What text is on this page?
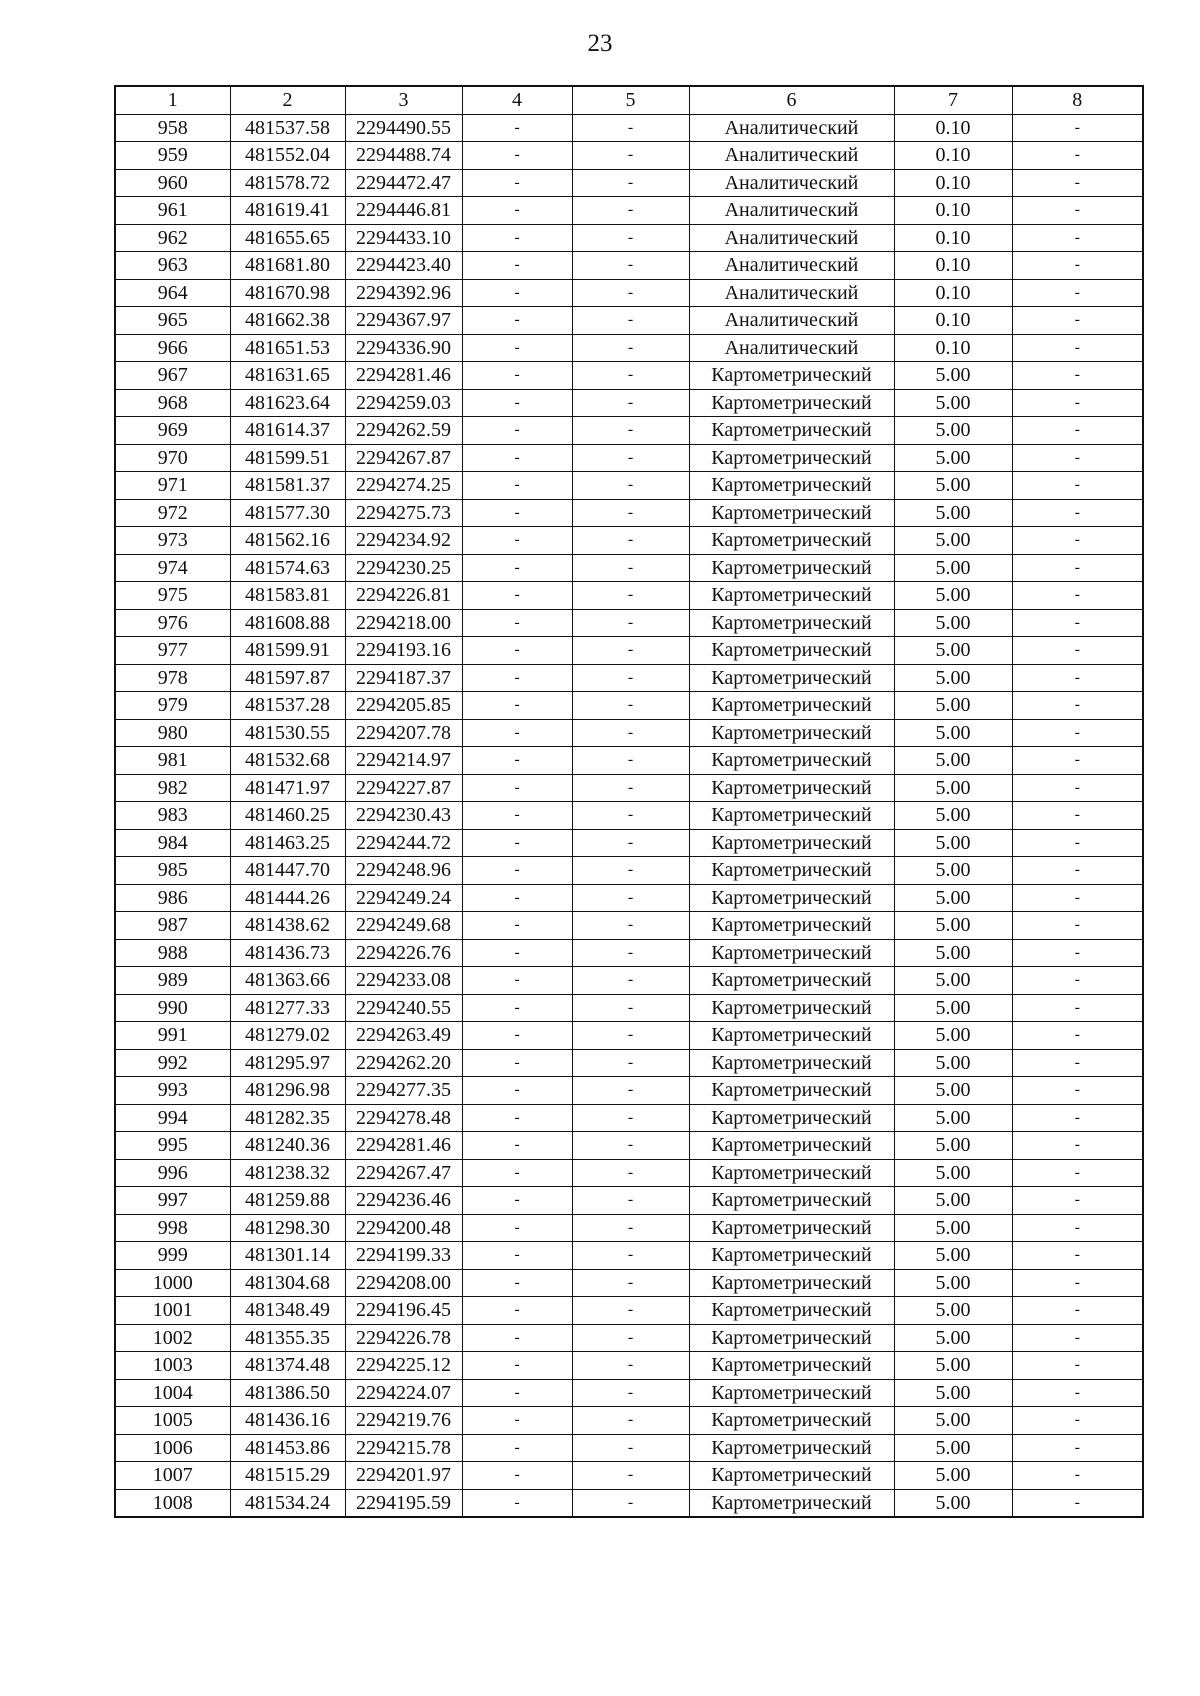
23
1	2	3	4	5	6	7	8
958	481537.58	2294490.55	-	-	Аналитический	0.10	-
959	481552.04	2294488.74	-	-	Аналитический	0.10	-
960	481578.72	2294472.47	-	-	Аналитический	0.10	-
961	481619.41	2294446.81	-	-	Аналитический	0.10	-
962	481655.65	2294433.10	-	-	Аналитический	0.10	-
963	481681.80	2294423.40	-	-	Аналитический	0.10	-
964	481670.98	2294392.96	-	-	Аналитический	0.10	-
965	481662.38	2294367.97	-	-	Аналитический	0.10	-
966	481651.53	2294336.90	-	-	Аналитический	0.10	-
967	481631.65	2294281.46	-	-	Картометрический	5.00	-
968	481623.64	2294259.03	-	-	Картометрический	5.00	-
969	481614.37	2294262.59	-	-	Картометрический	5.00	-
970	481599.51	2294267.87	-	-	Картометрический	5.00	-
971	481581.37	2294274.25	-	-	Картометрический	5.00	-
972	481577.30	2294275.73	-	-	Картометрический	5.00	-
973	481562.16	2294234.92	-	-	Картометрический	5.00	-
974	481574.63	2294230.25	-	-	Картометрический	5.00	-
975	481583.81	2294226.81	-	-	Картометрический	5.00	-
976	481608.88	2294218.00	-	-	Картометрический	5.00	-
977	481599.91	2294193.16	-	-	Картометрический	5.00	-
978	481597.87	2294187.37	-	-	Картометрический	5.00	-
979	481537.28	2294205.85	-	-	Картометрический	5.00	-
980	481530.55	2294207.78	-	-	Картометрический	5.00	-
981	481532.68	2294214.97	-	-	Картометрический	5.00	-
982	481471.97	2294227.87	-	-	Картометрический	5.00	-
983	481460.25	2294230.43	-	-	Картометрический	5.00	-
984	481463.25	2294244.72	-	-	Картометрический	5.00	-
985	481447.70	2294248.96	-	-	Картометрический	5.00	-
986	481444.26	2294249.24	-	-	Картометрический	5.00	-
987	481438.62	2294249.68	-	-	Картометрический	5.00	-
988	481436.73	2294226.76	-	-	Картометрический	5.00	-
989	481363.66	2294233.08	-	-	Картометрический	5.00	-
990	481277.33	2294240.55	-	-	Картометрический	5.00	-
991	481279.02	2294263.49	-	-	Картометрический	5.00	-
992	481295.97	2294262.20	-	-	Картометрический	5.00	-
993	481296.98	2294277.35	-	-	Картометрический	5.00	-
994	481282.35	2294278.48	-	-	Картометрический	5.00	-
995	481240.36	2294281.46	-	-	Картометрический	5.00	-
996	481238.32	2294267.47	-	-	Картометрический	5.00	-
997	481259.88	2294236.46	-	-	Картометрический	5.00	-
998	481298.30	2294200.48	-	-	Картометрический	5.00	-
999	481301.14	2294199.33	-	-	Картометрический	5.00	-
1000	481304.68	2294208.00	-	-	Картометрический	5.00	-
1001	481348.49	2294196.45	-	-	Картометрический	5.00	-
1002	481355.35	2294226.78	-	-	Картометрический	5.00	-
1003	481374.48	2294225.12	-	-	Картометрический	5.00	-
1004	481386.50	2294224.07	-	-	Картометрический	5.00	-
1005	481436.16	2294219.76	-	-	Картометрический	5.00	-
1006	481453.86	2294215.78	-	-	Картометрический	5.00	-
1007	481515.29	2294201.97	-	-	Картометрический	5.00	-
1008	481534.24	2294195.59	-	-	Картометрический	5.00	-
